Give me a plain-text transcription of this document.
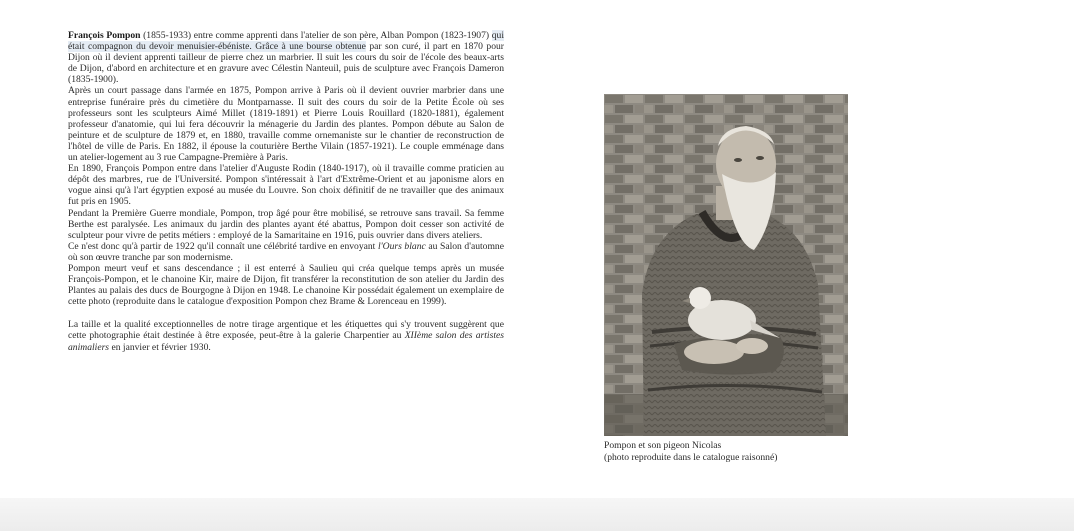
François Pompon (1855-1933) entre comme apprenti dans l'atelier de son père, Alban Pompon (1823-1907) qui était compagnon du devoir menuisier-ébéniste. Grâce à une bourse obtenue par son curé, il part en 1870 pour Dijon où il devient apprenti tailleur de pierre chez un marbrier. Il suit les cours du soir de l'école des beaux-arts de Dijon, d'abord en architecture et en gravure avec Célestin Nanteuil, puis de sculpture avec François Dameron (1835-1900).

Après un court passage dans l'armée en 1875, Pompon arrive à Paris où il devient ouvrier marbrier dans une entreprise funéraire près du cimetière du Montparnasse. Il suit des cours du soir de la Petite École où ses professeurs sont les sculpteurs Aimé Millet (1819-1891) et Pierre Louis Rouillard (1820-1881), également professeur d'anatomie, qui lui fera découvrir la ménagerie du Jardin des plantes. Pompon débute au Salon de peinture et de sculpture de 1879 et, en 1880, travaille comme ornemaniste sur le chantier de reconstruction de l'hôtel de ville de Paris. En 1882, il épouse la couturière Berthe Vilain (1857-1921). Le couple emménage dans un atelier-logement au 3 rue Campagne-Première à Paris.

En 1890, François Pompon entre dans l'atelier d'Auguste Rodin (1840-1917), où il travaille comme praticien au dépôt des marbres, rue de l'Université. Pompon s'intéressait à l'art d'Extrême-Orient et au japonisme alors en vogue ainsi qu'à l'art égyptien exposé au musée du Louvre. Son choix définitif de ne travailler que des animaux fut pris en 1905.

Pendant la Première Guerre mondiale, Pompon, trop âgé pour être mobilisé, se retrouve sans travail. Sa femme Berthe est paralysée. Les animaux du jardin des plantes ayant été abattus, Pompon doit cesser son activité de sculpteur pour vivre de petits métiers : employé de la Samaritaine en 1916, puis ouvrier dans divers ateliers.

Ce n'est donc qu'à partir de 1922 qu'il connaît une célébrité tardive en envoyant l'Ours blanc au Salon d'automne où son œuvre tranche par son modernisme.

Pompon meurt veuf et sans descendance ; il est enterré à Saulieu qui créa quelque temps après un musée François-Pompon, et le chanoine Kir, maire de Dijon, fit transférer la reconstitution de son atelier du Jardin des Plantes au palais des ducs de Bourgogne à Dijon en 1948. Le chanoine Kir possédait également un exemplaire de cette photo (reproduite dans le catalogue d'exposition Pompon chez Brame & Lorenceau en 1999).

La taille et la qualité exceptionnelles de notre tirage argentique et les étiquettes qui s'y trouvent suggèrent que cette photographie était destinée à être exposée, peut-être à la galerie Charpentier au XIIème salon des artistes animaliers en janvier et février 1930.

Pompon et son pigeon Nicolas
(photo reproduite dans le catalogue raisonné)
